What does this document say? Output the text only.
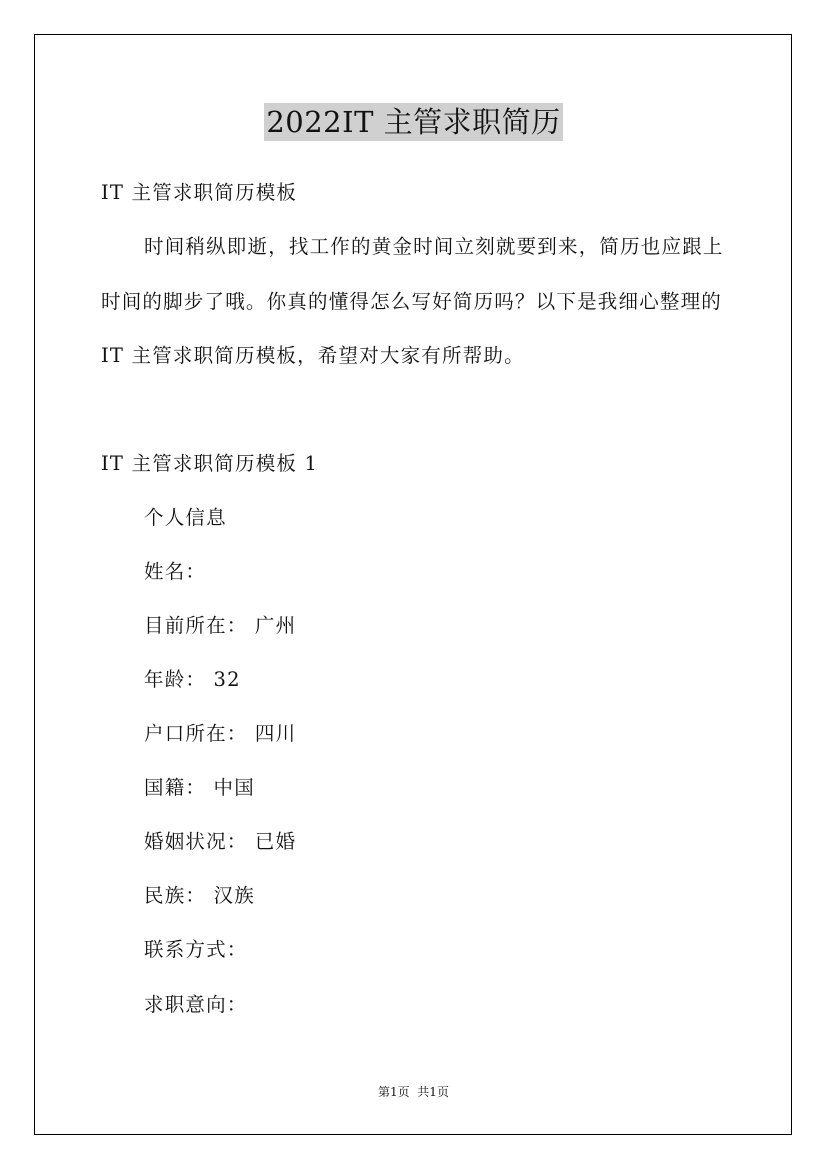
2022IT 主管求职简历
IT 主管求职简历模板
时间稍纵即逝，找工作的黄金时间立刻就要到来，简历也应跟上
时间的脚步了哦。你真的懂得怎么写好简历吗？以下是我细心整理的
IT 主管求职简历模板，希望对大家有所帮助。
IT 主管求职简历模板 1
个人信息
姓名：
目前所在： 广州
年龄： 32
户口所在： 四川
国籍： 中国
婚姻状况： 已婚
民族： 汉族
联系方式：
求职意向：
第1页  共1页
